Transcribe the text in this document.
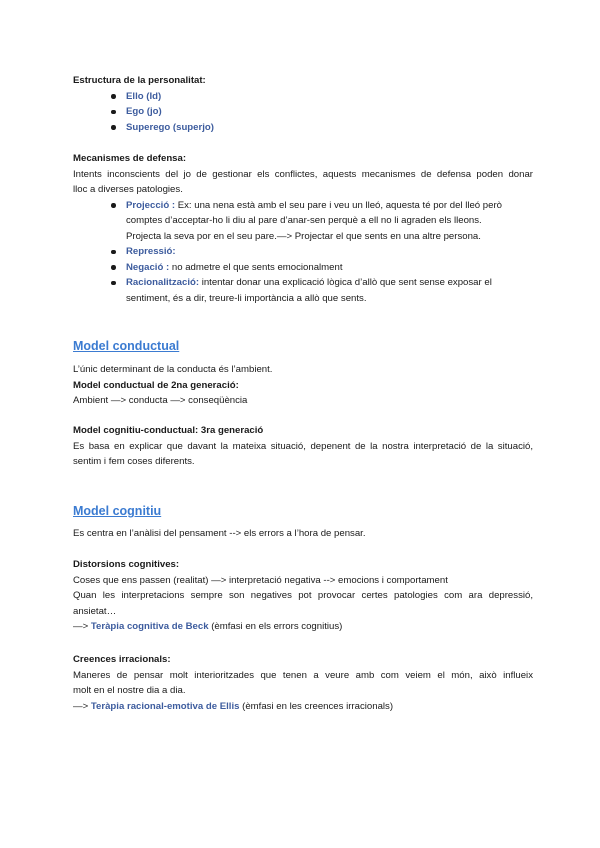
Estructura de la personalitat:
Ello (Id)
Ego (jo)
Superego (superjo)
Mecanismes de defensa:
Intents inconscients del jo de gestionar els conflictes, aquests mecanismes de defensa poden donar
lloc a diverses patologies.
Projecció : Ex: una nena està amb el seu pare i veu un lleó, aquesta té por del lleó però
comptes d’acceptar-ho li diu al pare d’anar-sen perquè a ell no li agraden els lleons.
Projecta la seva por en el seu pare.—> Projectar el que sents en una altre persona.
Repressió:
Negació : no admetre el que sents emocionalment
Racionalització: intentar donar una explicació lògica d’allò que sent sense exposar el
sentiment, és a dir, treure-li importància a allò que sents.
Model conductual
L’únic determinant de la conducta és l’ambient.
Model conductual de 2na generació:
Ambient —> conducta —> conseqüència
Model cognitiu-conductual: 3ra generació
Es basa en explicar que davant la mateixa situació, depenent de la nostra interpretació de la situació,
sentim i fem coses diferents.
Model cognitiu
Es centra en l’anàlisi del pensament --> els errors a l’hora de pensar.
Distorsions cognitives:
Coses que ens passen (realitat) —> interpretació negativa --> emocions i comportament
Quan les interpretacions sempre son negatives pot provocar certes patologies com ara depressió,
ansietat…
—> Teràpia cognitiva de Beck (èmfasi en els errors cognitius)
Creences irracionals:
Maneres de pensar molt interioritzades que tenen a veure amb com veiem el món, això influeix
molt en el nostre dia a dia.
—> Teràpia racional-emotiva de Ellis (èmfasi en les creences irracionals)
